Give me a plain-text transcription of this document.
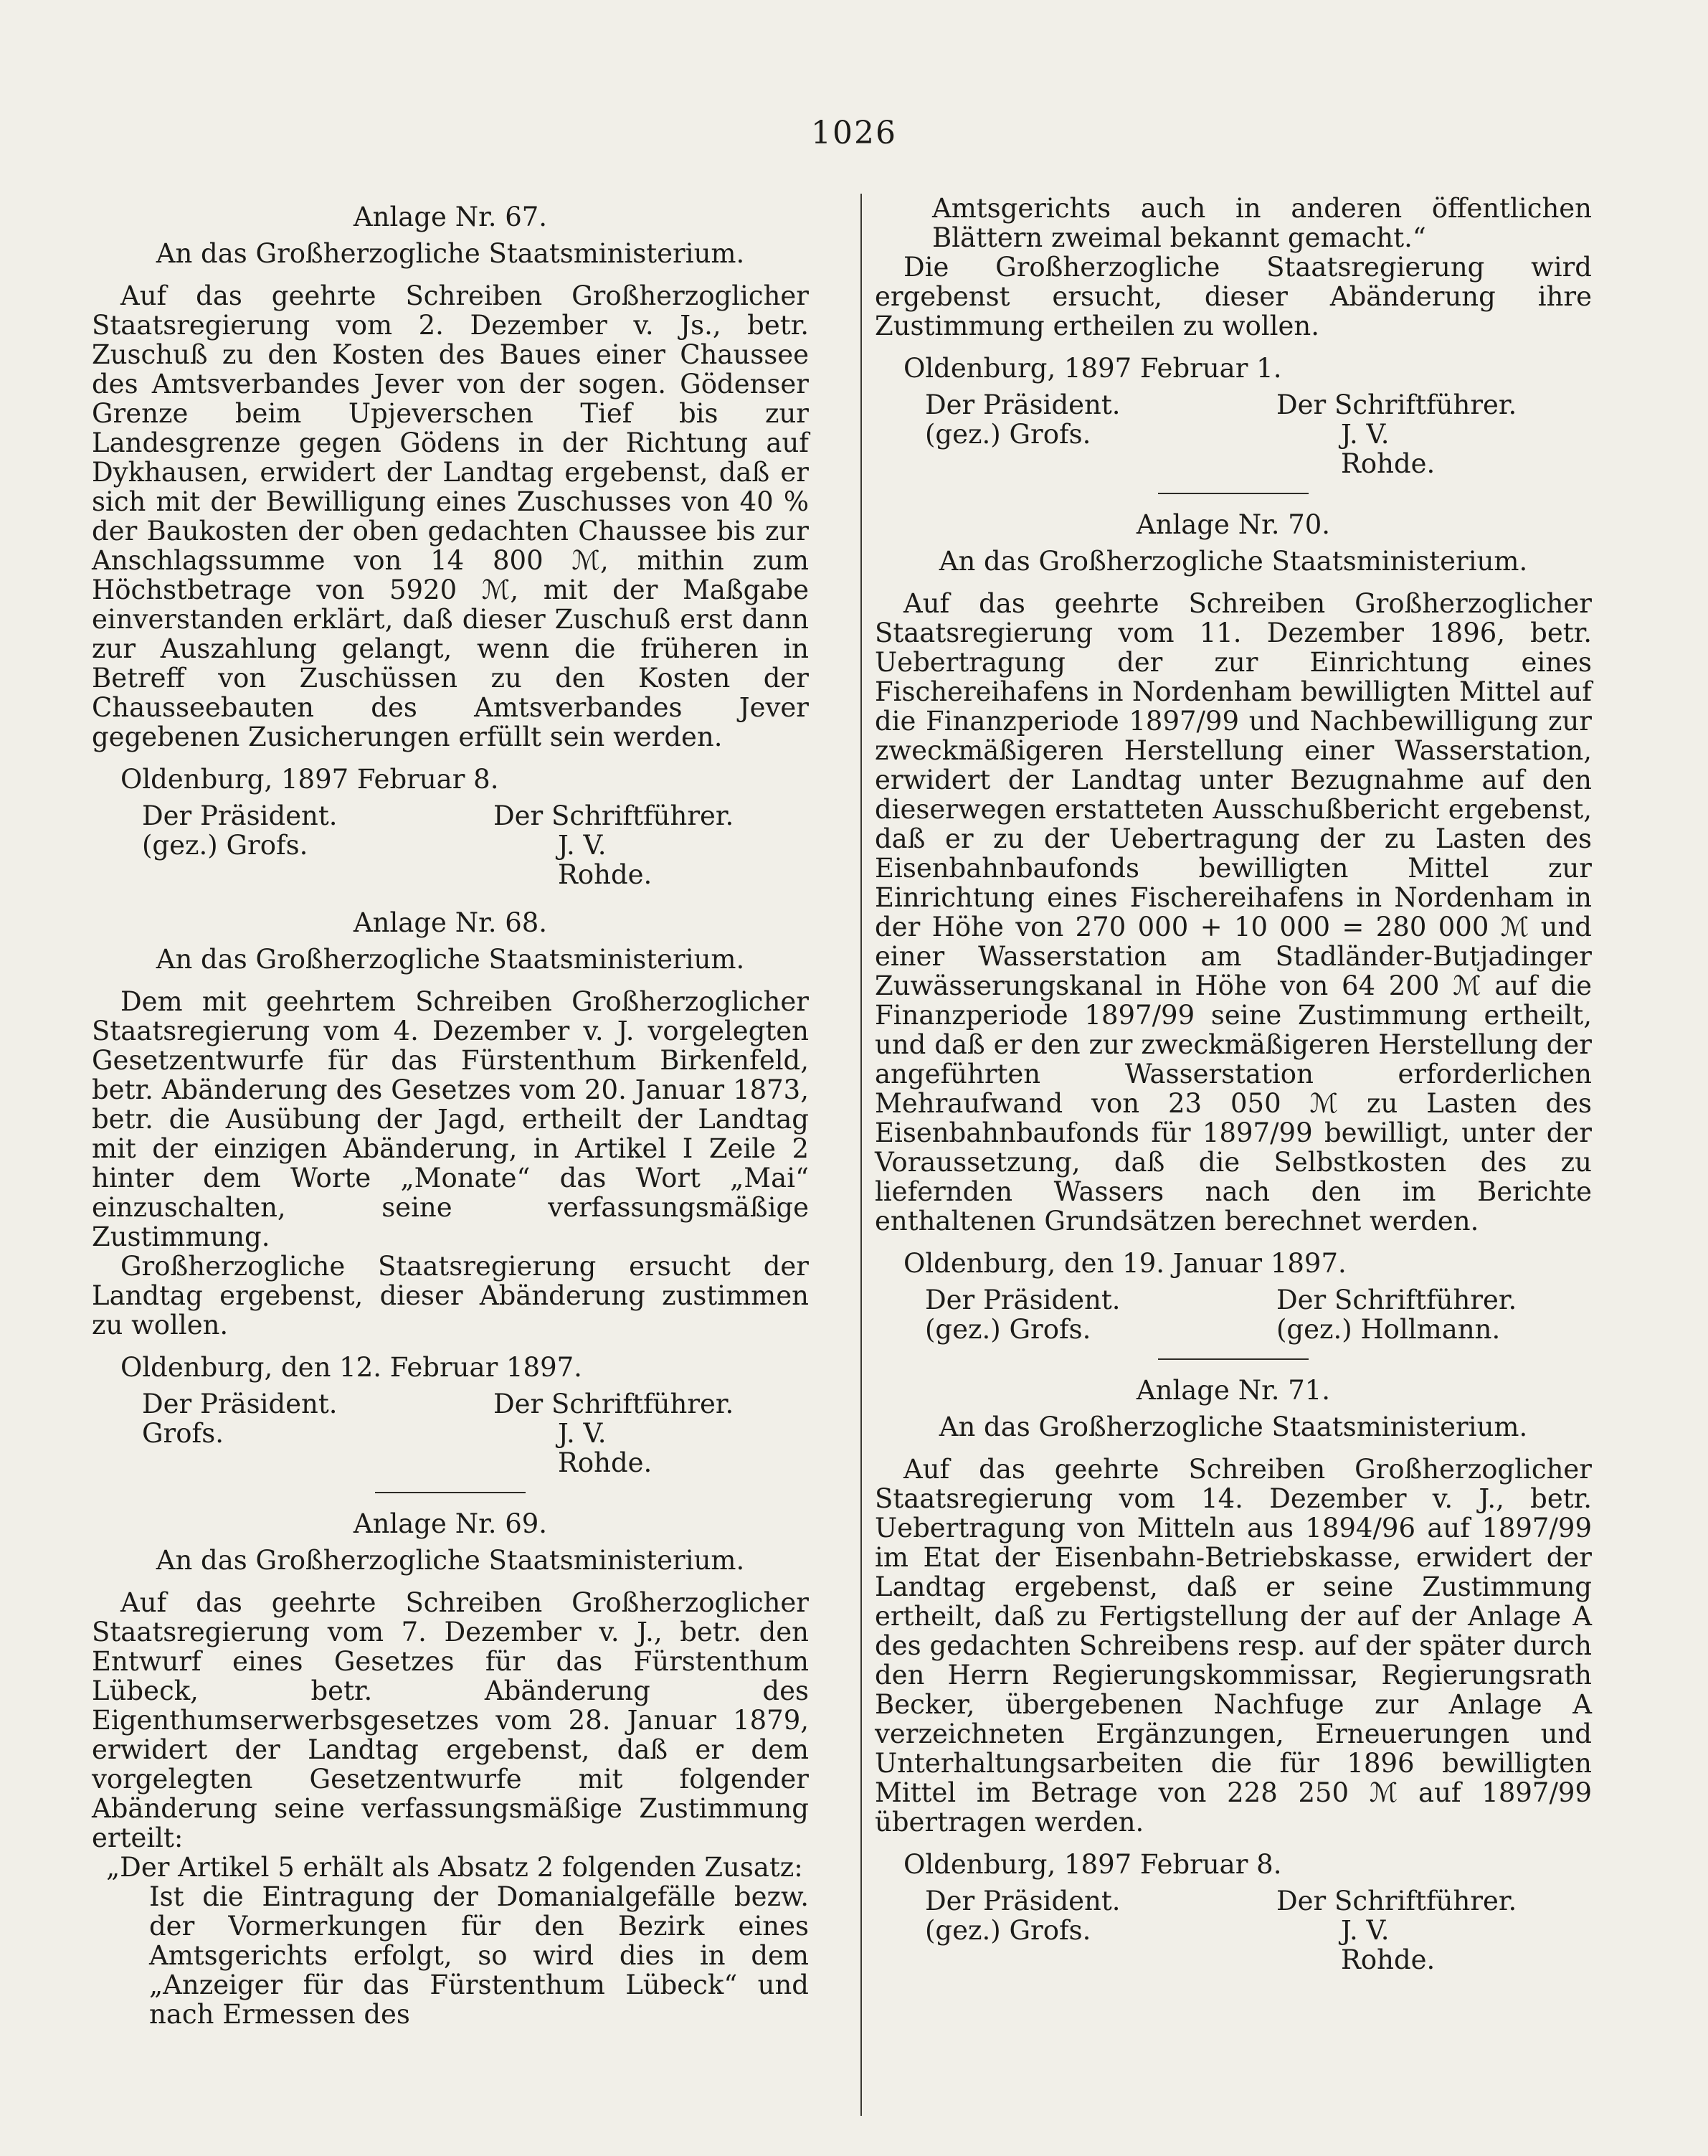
1026
Anlage Nr. 67.
An das Großherzogliche Staatsministerium.

Auf das geehrte Schreiben Großherzoglicher Staatsregierung vom 2. Dezember v. Js., betr. Zuschuß zu den Kosten des Baues einer Chaussee des Amtsverbandes Jever von der sogen. Gödenser Grenze beim Upjeverschen Tief bis zur Landesgrenze gegen Gödens in der Richtung auf Dykhausen, erwidert der Landtag ergebenst, daß er sich mit der Bewilligung eines Zuschusses von 40 % der Baukosten der oben gedachten Chaussee bis zur Anschlagssumme von 14 800 ℳ, mithin zum Höchstbetrage von 5920 ℳ, mit der Maßgabe einverstanden erklärt, daß dieser Zuschuß erst dann zur Auszahlung gelangt, wenn die früheren in Betreff von Zuschüssen zu den Kosten der Chausseebauten des Amtsverbandes Jever gegebenen Zusicherungen erfüllt sein werden.

Oldenburg, 1897 Februar 8.
Der Präsident.	Der Schriftführer.
(gez.) Grofs.	J. V.
Rohde.
Anlage Nr. 68.
An das Großherzogliche Staatsministerium.

Dem mit geehrtem Schreiben Großherzoglicher Staatsregierung vom 4. Dezember v. J. vorgelegten Gesetzentwurfe für das Fürstenthum Birkenfeld, betr. Abänderung des Gesetzes vom 20. Januar 1873, betr. die Ausübung der Jagd, ertheilt der Landtag mit der einzigen Abänderung, in Artikel I Zeile 2 hinter dem Worte „Monate“ das Wort „Mai“ einzuschalten, seine verfassungsmäßige Zustimmung.

Großherzogliche Staatsregierung ersucht der Landtag ergebenst, dieser Abänderung zustimmen zu wollen.

Oldenburg, den 12. Februar 1897.
Der Präsident.	Der Schriftführer.
Grofs.	J. V.
Rohde.
Anlage Nr. 69.
An das Großherzogliche Staatsministerium.

Auf das geehrte Schreiben Großherzoglicher Staatsregierung vom 7. Dezember v. J., betr. den Entwurf eines Gesetzes für das Fürstenthum Lübeck, betr. Abänderung des Eigenthumserwerbsgesetzes vom 28. Januar 1879, erwidert der Landtag ergebenst, daß er dem vorgelegten Gesetzentwurfe mit folgender Abänderung seine verfassungsmäßige Zustimmung erteilt:

„Der Artikel 5 erhält als Absatz 2 folgenden Zusatz:

Ist die Eintragung der Domanialgefälle bezw. der Vormerkungen für den Bezirk eines Amtsgerichts erfolgt, so wird dies in dem „Anzeiger für das Fürstenthum Lübeck“ und nach Ermessen des

Amtsgerichts auch in anderen öffentlichen Blättern zweimal bekannt gemacht.“

Die Großherzogliche Staatsregierung wird ergebenst ersucht, dieser Abänderung ihre Zustimmung ertheilen zu wollen.

Oldenburg, 1897 Februar 1.
Der Präsident.	Der Schriftführer.
(gez.) Grofs.	J. V.
Rohde.
Anlage Nr. 70.
An das Großherzogliche Staatsministerium.

Auf das geehrte Schreiben Großherzoglicher Staatsregierung vom 11. Dezember 1896, betr. Uebertragung der zur Einrichtung eines Fischereihafens in Nordenham bewilligten Mittel auf die Finanzperiode 1897/99 und Nachbewilligung zur zweckmäßigeren Herstellung einer Wasserstation, erwidert der Landtag unter Bezugnahme auf den dieserwegen erstatteten Ausschußbericht ergebenst, daß er zu der Uebertragung der zu Lasten des Eisenbahnbaufonds bewilligten Mittel zur Einrichtung eines Fischereihafens in Nordenham in der Höhe von 270 000 + 10 000 = 280 000 ℳ und einer Wasserstation am Stadländer-Butjadinger Zuwässerungskanal in Höhe von 64 200 ℳ auf die Finanzperiode 1897/99 seine Zustimmung ertheilt, und daß er den zur zweckmäßigeren Herstellung der angeführten Wasserstation erforderlichen Mehraufwand von 23 050 ℳ zu Lasten des Eisenbahnbaufonds für 1897/99 bewilligt, unter der Voraussetzung, daß die Selbstkosten des zu liefernden Wassers nach den im Berichte enthaltenen Grundsätzen berechnet werden.

Oldenburg, den 19. Januar 1897.
Der Präsident.	Der Schriftführer.
(gez.) Grofs.	(gez.) Hollmann.
Anlage Nr. 71.
An das Großherzogliche Staatsministerium.

Auf das geehrte Schreiben Großherzoglicher Staatsregierung vom 14. Dezember v. J., betr. Uebertragung von Mitteln aus 1894/96 auf 1897/99 im Etat der Eisenbahn-Betriebskasse, erwidert der Landtag ergebenst, daß er seine Zustimmung ertheilt, daß zu Fertigstellung der auf der Anlage A des gedachten Schreibens resp. auf der später durch den Herrn Regierungskommissar, Regierungsrath Becker, übergebenen Nachfuge zur Anlage A verzeichneten Ergänzungen, Erneuerungen und Unterhaltungsarbeiten die für 1896 bewilligten Mittel im Betrage von 228 250 ℳ auf 1897/99 übertragen werden.

Oldenburg, 1897 Februar 8.
Der Präsident.	Der Schriftführer.
(gez.) Grofs.	J. V.
Rohde.
